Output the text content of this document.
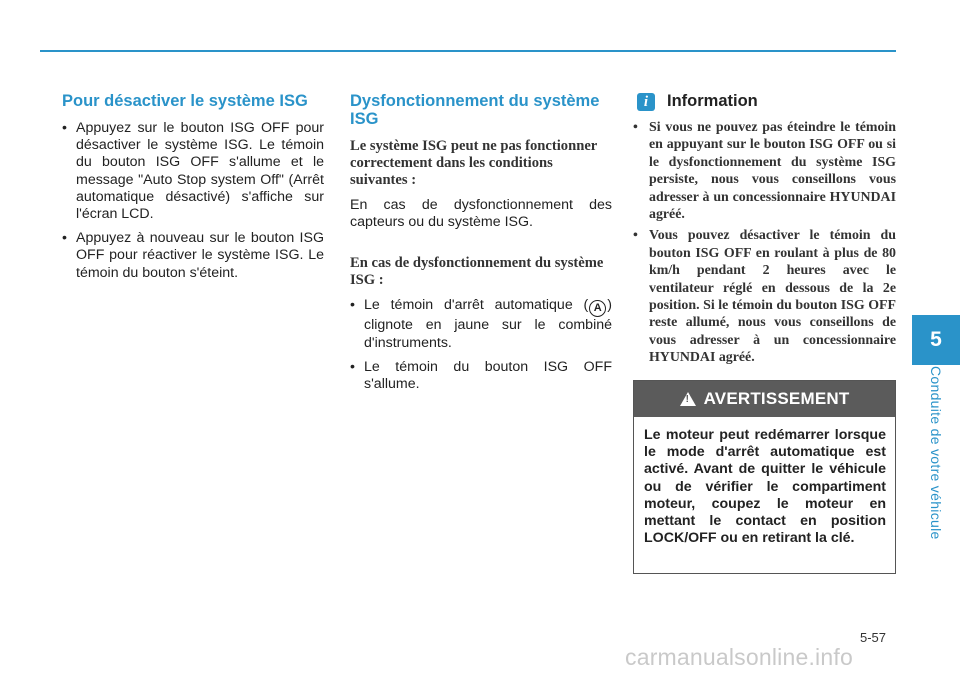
Pour désactiver le système ISG
• Appuyez sur le bouton ISG OFF pour désactiver le système ISG. Le témoin du bouton ISG OFF s'allume et le message "Auto Stop system Off" (Arrêt automatique désactivé) s'affiche sur l'écran LCD.
• Appuyez à nouveau sur le bouton ISG OFF pour réactiver le système ISG. Le témoin du bouton s'éteint.
Dysfonctionnement du système ISG

Le système ISG peut ne pas fonctionner correctement dans les conditions suivantes :

En cas de dysfonctionnement des capteurs ou du système ISG.

En cas de dysfonctionnement du système ISG :

• Le témoin d'arrêt automatique ( A ) clignote en jaune sur le combiné d'instruments.
• Le témoin du bouton ISG OFF s'allume.
i	Information
• Si vous ne pouvez pas éteindre le témoin en appuyant sur le bouton ISG OFF ou si le dysfonctionnement du système ISG persiste, nous vous conseillons vous adresser à un concessionnaire HYUNDAI agréé.
• Vous pouvez désactiver le témoin du bouton ISG OFF en roulant à plus de 80 km/h pendant 2 heures avec le ventilateur réglé en dessous de la 2e position. Si le témoin du bouton ISG OFF reste allumé, nous vous conseillons de vous adresser à un concessionnaire HYUNDAI agréé.
! AVERTISSEMENT
Le moteur peut redémarrer lorsque le mode d'arrêt automatique est activé. Avant de quitter le véhicule ou de vérifier le compartiment moteur, coupez le moteur en mettant le contact en position LOCK/OFF ou en retirant la clé.
5
Conduite de votre véhicule
5-57
carmanualsonline.info
